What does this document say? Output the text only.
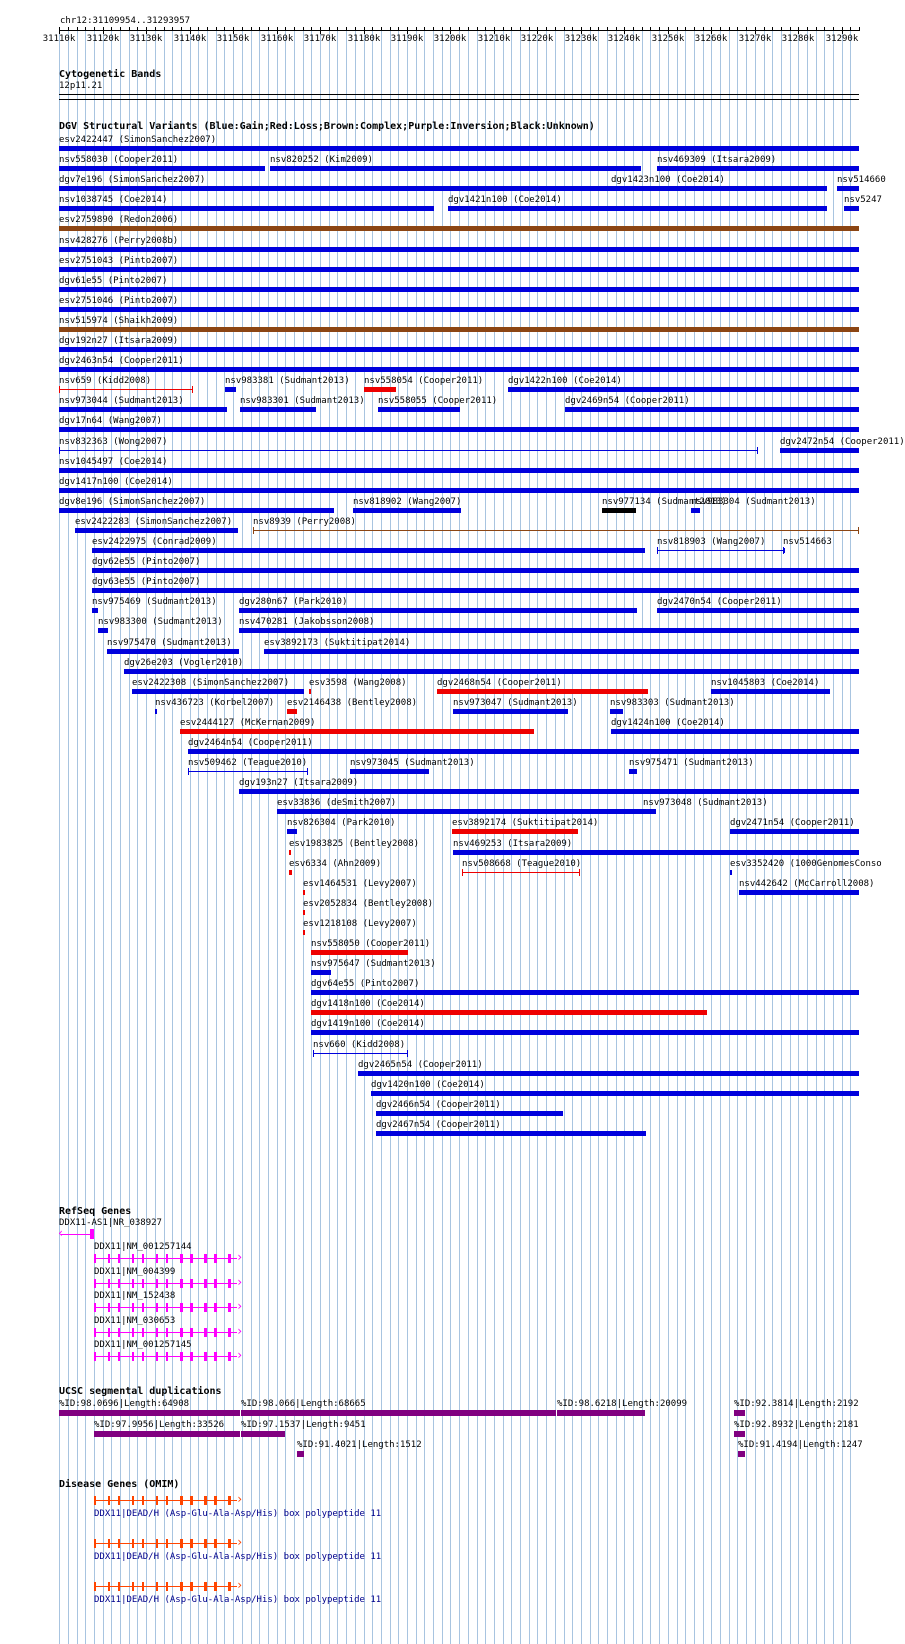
chr12:31109954..31293957
31110k	31120k	31130k	31140k	31150k	31160k	31170k	31180k	31190k	31200k	31210k	31220k	31230k	31240k	31250k	31260k	31270k	31280k	31290k
Cytogenetic Bands
12p11.21
DGV Structural Variants (Blue:Gain;Red:Loss;Brown:Complex;Purple:Inversion;Black:Unknown)
esv2422447 (SimonSanchez2007)
nsv558030 (Cooper2011)	nsv820252 (Kim2009)	nsv469309 (Itsara2009)
dgv7e196 (SimonSanchez2007)	dgv1423n100 (Coe2014)	nsv514660
nsv1038745 (Coe2014)	dgv1421n100 (Coe2014)	nsv5247
esv2759890 (Redon2006)
nsv428276 (Perry2008b)
esv2751043 (Pinto2007)
dgv61e55 (Pinto2007)
esv2751046 (Pinto2007)
nsv515974 (Shaikh2009)
dgv192n27 (Itsara2009)
dgv2463n54 (Cooper2011)
nsv659 (Kidd2008)	nsv983381 (Sudmant2013) nsv558054 (Cooper2011)	dgv1422n100 (Coe2014)
nsv973044 (Sudmant2013)	nsv983301 (Sudmant2013) nsv558055 (Cooper2011)	dgv2469n54 (Cooper2011)
dgv17n64 (Wang2007)
nsv832363 (Wong2007)	dgv2472n54 (Cooper2011)
nsv1045497 (Coe2014)
dgv1417n100 (Coe2014)
dgv8e196 (SimonSanchez2007)	nsv818902 (Wang2007)	nsv977134 (Sudmant2013)
nsv983304 (Sudmant2013)
esv2422283 (SimonSanchez2007) nsv8939 (Perry2008)
esv2422975 (Conrad2009)	nsv818903 (Wang2007) nsv514663
dgv62e55 (Pinto2007)
dgv63e55 (Pinto2007)
nsv975469 (Sudmant2013) dgv280n67 (Park2010)	dgv2470n54 (Cooper2011)
nsv983300 (Sudmant2013) nsv470281 (Jakobsson2008)
nsv975470 (Sudmant2013)	esv3892173 (Suktitipat2014)
dgv26e203 (Vogler2010)
esv2422308 (SimonSanchez2007) esv3598 (Wang2008)	dgv2468n54 (Cooper2011)	nsv1045803 (Coe2014)
nsv436723 (Korbel2007) esv2146438 (Bentley2008)	nsv973047 (Sudmant2013)	nsv983303 (Sudmant2013)
esv2444127 (McKernan2009)	dgv1424n100 (Coe2014)
dgv2464n54 (Cooper2011)
nsv509462 (Teague2010)	nsv973045 (Sudmant2013)	nsv975471 (Sudmant2013)
dgv193n27 (Itsara2009)
esv33836 (deSmith2007)	nsv973048 (Sudmant2013)
nsv826304 (Park2010)	esv3892174 (Suktitipat2014)	dgv2471n54 (Cooper2011)
esv1983825 (Bentley2008)	nsv469253 (Itsara2009)
esv6334 (Ahn2009)	nsv508668 (Teague2010)	esv3352420 (1000GenomesConso
esv1464531 (Levy2007)	nsv442642 (McCarroll2008)
esv2052834 (Bentley2008)
esv1218108 (Levy2007)
nsv558050 (Cooper2011)
nsv975647 (Sudmant2013)
dgv64e55 (Pinto2007)
dgv1418n100 (Coe2014)
dgv1419n100 (Coe2014)
nsv660 (Kidd2008)
dgv2465n54 (Cooper2011)
dgv1420n100 (Coe2014)
dgv2466n54 (Cooper2011)
dgv2467n54 (Cooper2011)
RefSeq Genes
DDX11-AS1|NR_038927
‹
DDX11|NM_001257144
›
DDX11|NM_004399
›
DDX11|NM_152438
›
DDX11|NM_030653
›
DDX11|NM_001257145
›
UCSC segmental duplications
%ID:98.0696|Length:64908	%ID:98.066|Length:68665	%ID:98.6218|Length:20099	%ID:92.3814|Length:2192
%ID:97.9956|Length:33526 %ID:97.1537|Length:9451	%ID:92.8932|Length:2181
%ID:91.4021|Length:1512	%ID:91.4194|Length:1247
Disease Genes (OMIM)
›
DDX11|DEAD/H (Asp-Glu-Ala-Asp/His) box polypeptide 11
›
DDX11|DEAD/H (Asp-Glu-Ala-Asp/His) box polypeptide 11
›
DDX11|DEAD/H (Asp-Glu-Ala-Asp/His) box polypeptide 11
